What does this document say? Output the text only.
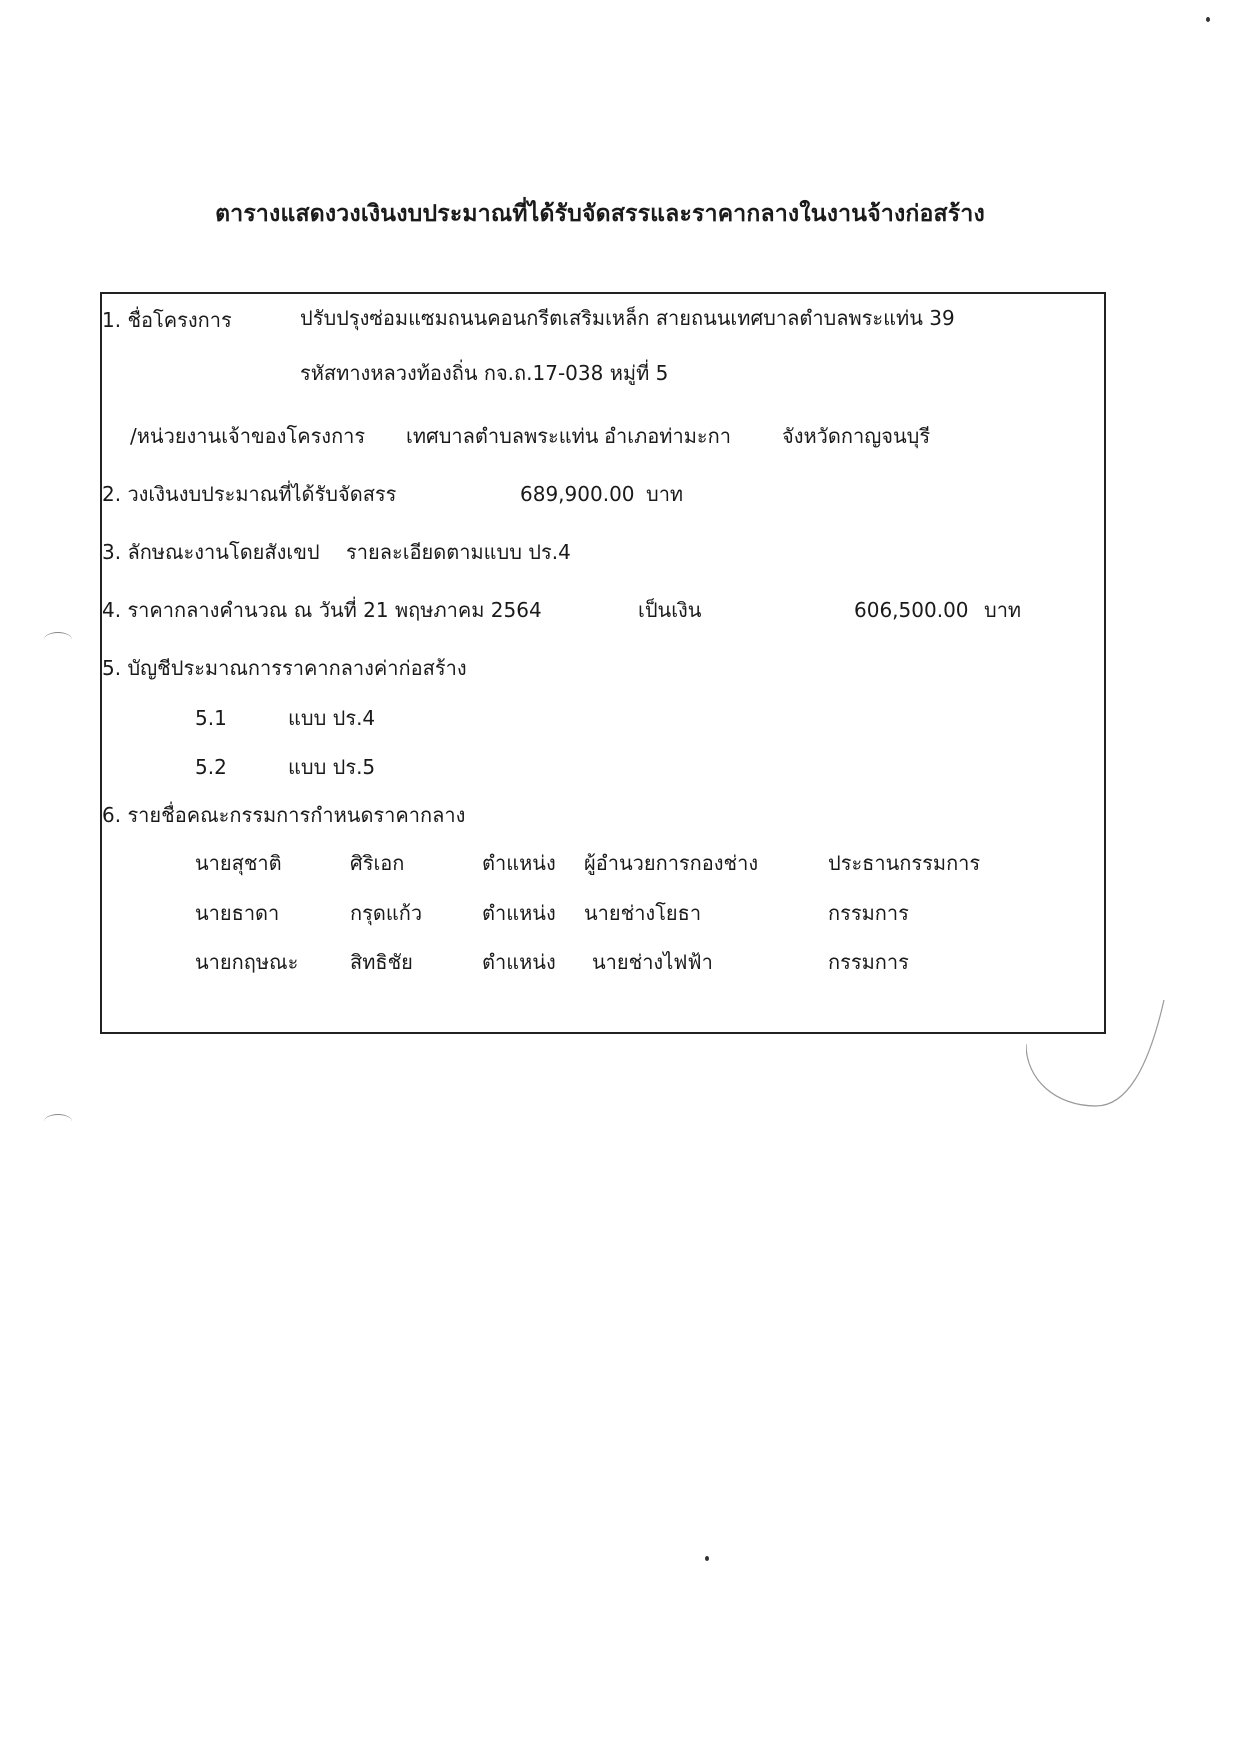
ตารางแสดงวงเงินงบประมาณที่ได้รับจัดสรรและราคากลางในงานจ้างก่อสร้าง
1. ชื่อโครงการ	ปรับปรุงซ่อมแซมถนนคอนกรีตเสริมเหล็ก สายถนนเทศบาลตำบลพระแท่น 39
รหัสทางหลวงท้องถิ่น กจ.ถ.17-038 หมู่ที่ 5
/หน่วยงานเจ้าของโครงการ เทศบาลตำบลพระแท่น อำเภอท่ามะกา	จังหวัดกาญจนบุรี
2. วงเงินงบประมาณที่ได้รับจัดสรร	689,900.00 บาท
3. ลักษณะงานโดยสังเขป รายละเอียดตามแบบ ปร.4
4. ราคากลางคำนวณ ณ วันที่ 21 พฤษภาคม 2564	เป็นเงิน	606,500.00 บาท
5. บัญชีประมาณการราคากลางค่าก่อสร้าง
5.1	แบบ ปร.4
5.2	แบบ ปร.5
6. รายชื่อคณะกรรมการกำหนดราคากลาง
นายสุชาติ	ศิริเอก	ตำแหน่ง ผู้อำนวยการกองช่าง	ประธานกรรมการ
นายธาดา	กรุดแก้ว	ตำแหน่ง นายช่างโยธา	กรรมการ
นายกฤษณะ	สิทธิชัย	ตำแหน่ง นายช่างไฟฟ้า	กรรมการ
